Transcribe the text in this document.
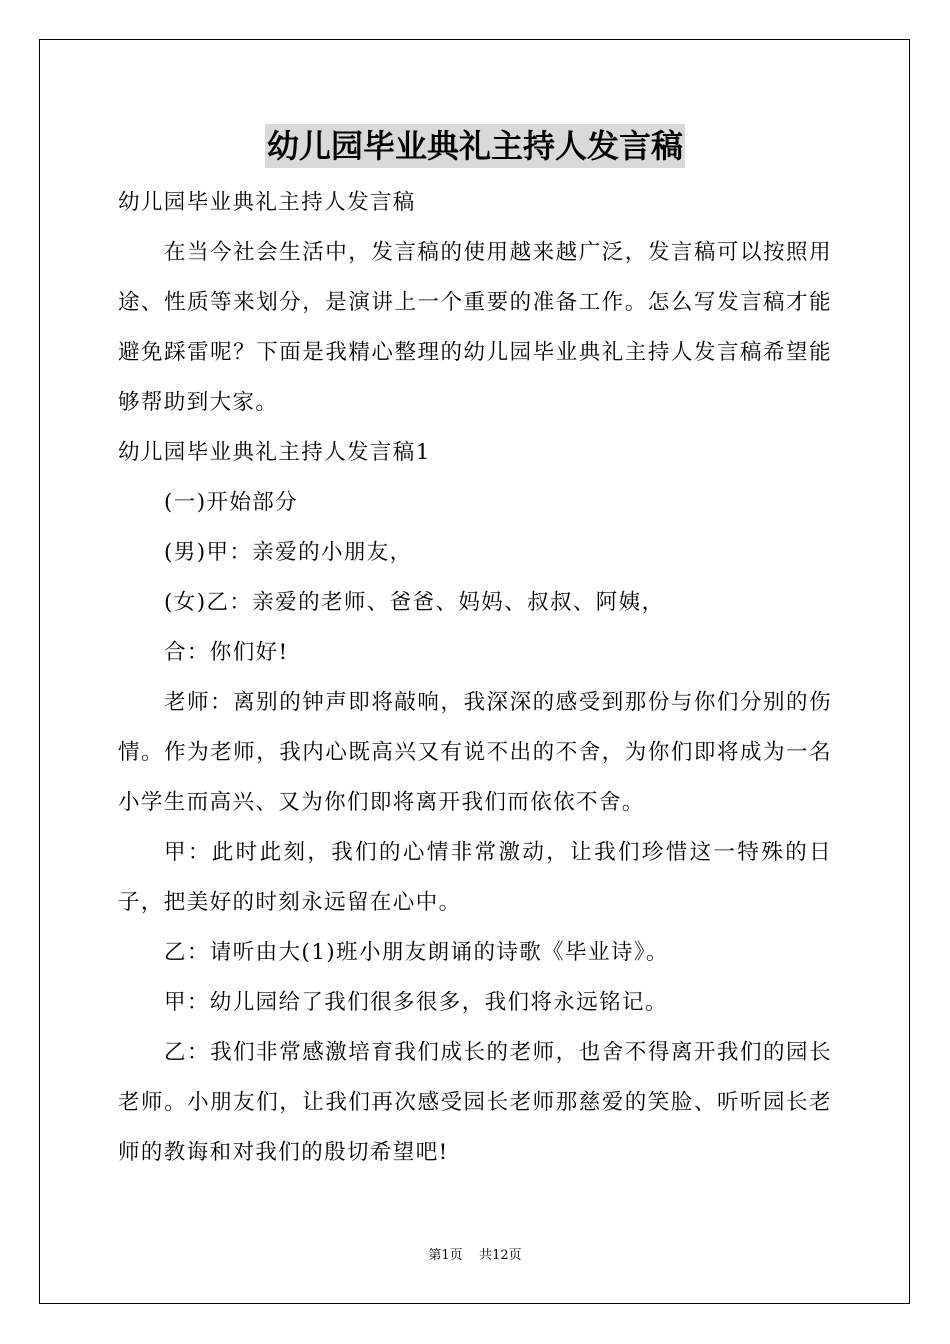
幼儿园毕业典礼主持人发言稿

幼儿园毕业典礼主持人发言稿

在当今社会生活中，发言稿的使用越来越广泛，发言稿可以按照用途、性质等来划分，是演讲上一个重要的准备工作。怎么写发言稿才能避免踩雷呢？下面是我精心整理的幼儿园毕业典礼主持人发言稿希望能够帮助到大家。

幼儿园毕业典礼主持人发言稿1

(一)开始部分

(男)甲：亲爱的小朋友，

(女)乙：亲爱的老师、爸爸、妈妈、叔叔、阿姨，

合：你们好!

老师：离别的钟声即将敲响，我深深的感受到那份与你们分别的伤情。作为老师，我内心既高兴又有说不出的不舍，为你们即将成为一名小学生而高兴、又为你们即将离开我们而依依不舍。

甲：此时此刻，我们的心情非常激动，让我们珍惜这一特殊的日子，把美好的时刻永远留在心中。

乙：请听由大(1)班小朋友朗诵的诗歌《毕业诗》。

甲：幼儿园给了我们很多很多，我们将永远铭记。

乙：我们非常感激培育我们成长的老师，也舍不得离开我们的园长老师。小朋友们，让我们再次感受园长老师那慈爱的笑脸、听听园长老师的教诲和对我们的殷切希望吧!

第1页 共12页
